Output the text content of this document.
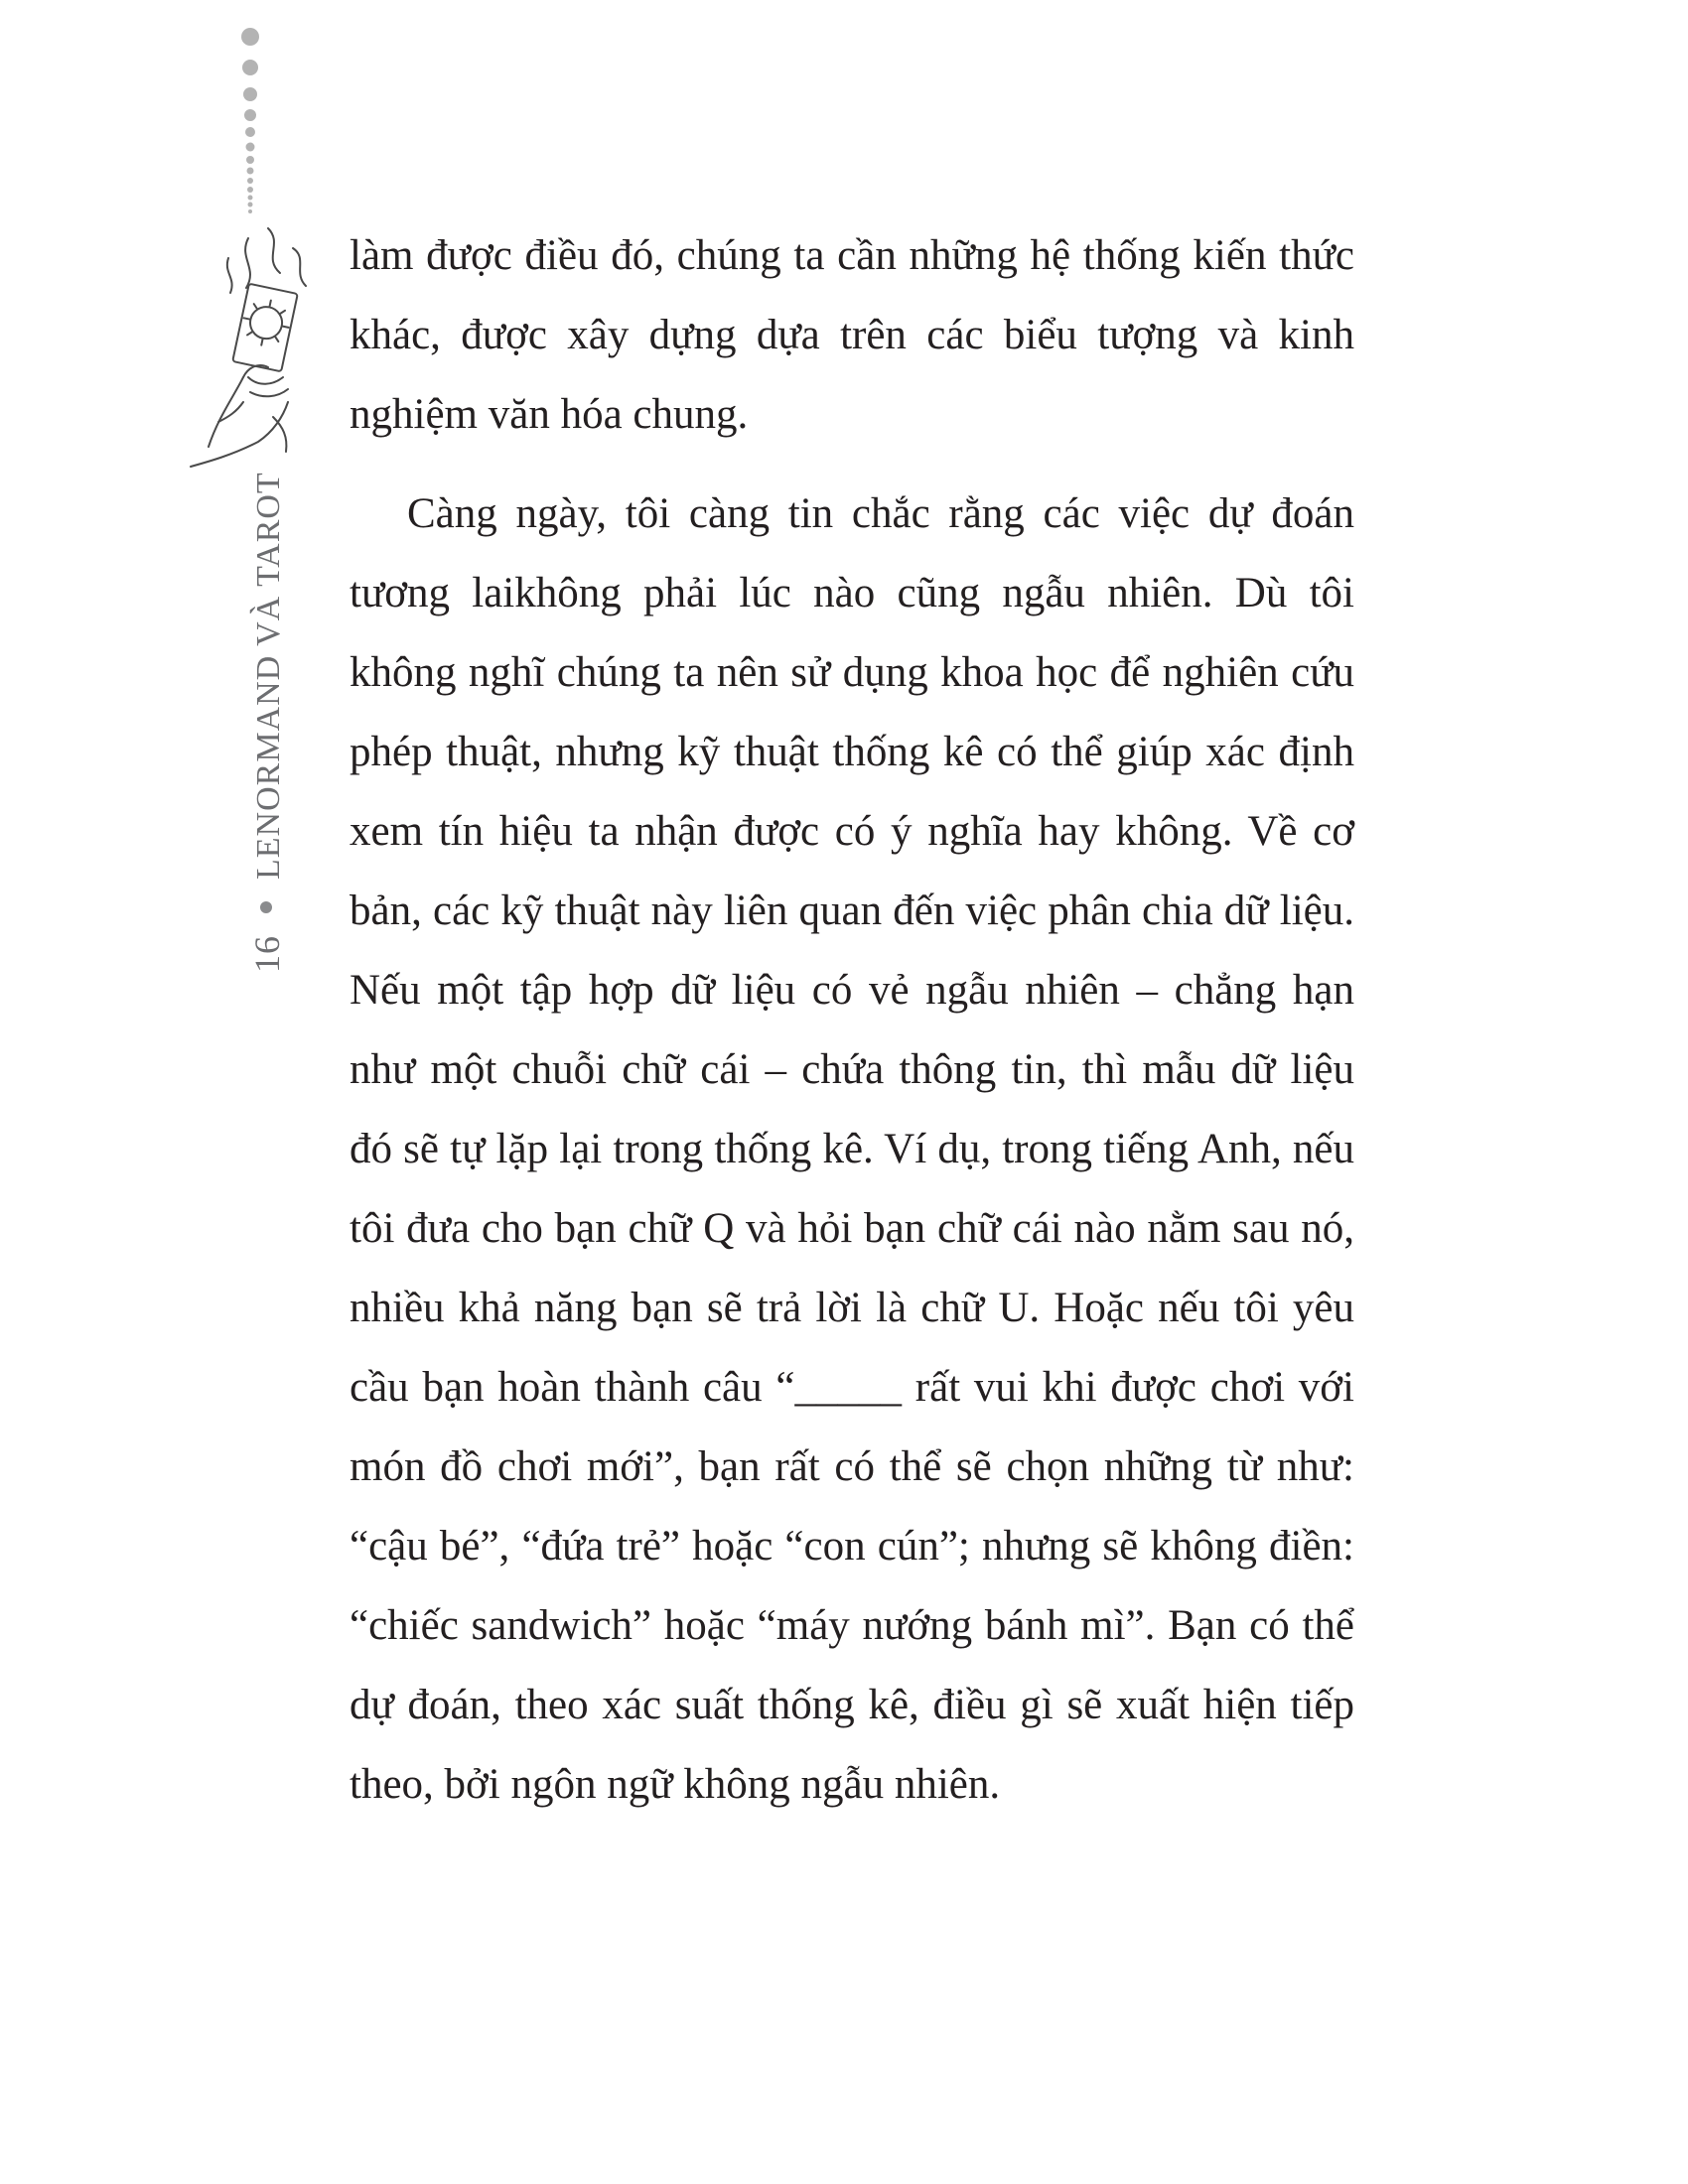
16LENORMAND VÀ TAROT

làm được điều đó, chúng ta cần những hệ thống kiến thức khác, được xây dựng dựa trên các biểu tượng và kinh nghiệm văn hóa chung.

Càng ngày, tôi càng tin chắc rằng các việc dự đoán tương laikhông phải lúc nào cũng ngẫu nhiên. Dù tôi không nghĩ chúng ta nên sử dụng khoa học để nghiên cứu phép thuật, nhưng kỹ thuật thống kê có thể giúp xác định xem tín hiệu ta nhận được có ý nghĩa hay không. Về cơ bản, các kỹ thuật này liên quan đến việc phân chia dữ liệu. Nếu một tập hợp dữ liệu có vẻ ngẫu nhiên – chẳng hạn như một chuỗi chữ cái – chứa thông tin, thì mẫu dữ liệu đó sẽ tự lặp lại trong thống kê. Ví dụ, trong tiếng Anh, nếu tôi đưa cho bạn chữ Q và hỏi bạn chữ cái nào nằm sau nó, nhiều khả năng bạn sẽ trả lời là chữ U. Hoặc nếu tôi yêu cầu bạn hoàn thành câu “_____ rất vui khi được chơi với món đồ chơi mới”, bạn rất có thể sẽ chọn những từ như: “cậu bé”, “đứa trẻ” hoặc “con cún”; nhưng sẽ không điền: “chiếc sandwich” hoặc “máy nướng bánh mì”. Bạn có thể dự đoán, theo xác suất thống kê, điều gì sẽ xuất hiện tiếp theo, bởi ngôn ngữ không ngẫu nhiên.
